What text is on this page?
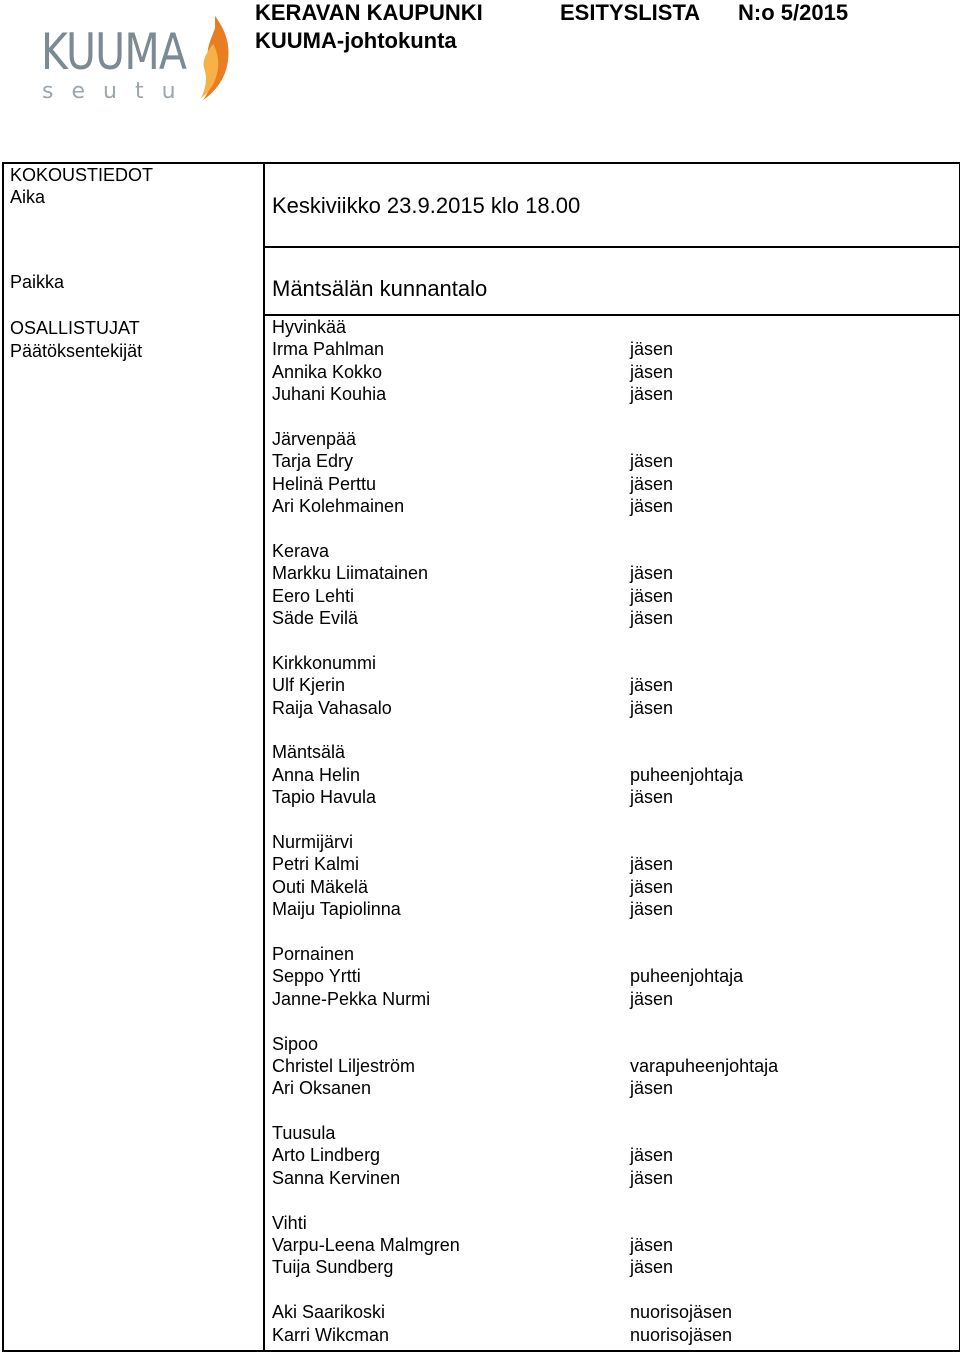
KUUMA
seutu
KERAVAN KAUPUNKI	ESITYSLISTA N:o 5/2015
KUUMA-johtokunta
KOKOUSTIEDOT
Aika
Paikka
OSALLISTUJAT
Päätöksentekijät
Keskiviikko 23.9.2015 klo 18.00
Mäntsälän kunnantalo
Hyvinkää
Irma Pahlman	jäsen
Annika Kokko	jäsen
Juhani Kouhia	jäsen
Järvenpää
Tarja Edry	jäsen
Helinä Perttu	jäsen
Ari Kolehmainen	jäsen
Kerava
Markku Liimatainen	jäsen
Eero Lehti	jäsen
Säde Evilä	jäsen
Kirkkonummi
Ulf Kjerin	jäsen
Raija Vahasalo	jäsen
Mäntsälä
Anna Helin	puheenjohtaja
Tapio Havula	jäsen
Nurmijärvi
Petri Kalmi	jäsen
Outi Mäkelä	jäsen
Maiju Tapiolinna	jäsen
Pornainen
Seppo Yrtti	puheenjohtaja
Janne-Pekka Nurmi	jäsen
Sipoo
Christel Liljeström	varapuheenjohtaja
Ari Oksanen	jäsen
Tuusula
Arto Lindberg	jäsen
Sanna Kervinen	jäsen
Vihti
Varpu-Leena Malmgren	jäsen
Tuija Sundberg	jäsen
Aki Saarikoski	nuorisojäsen
Karri Wikcman	nuorisojäsen
